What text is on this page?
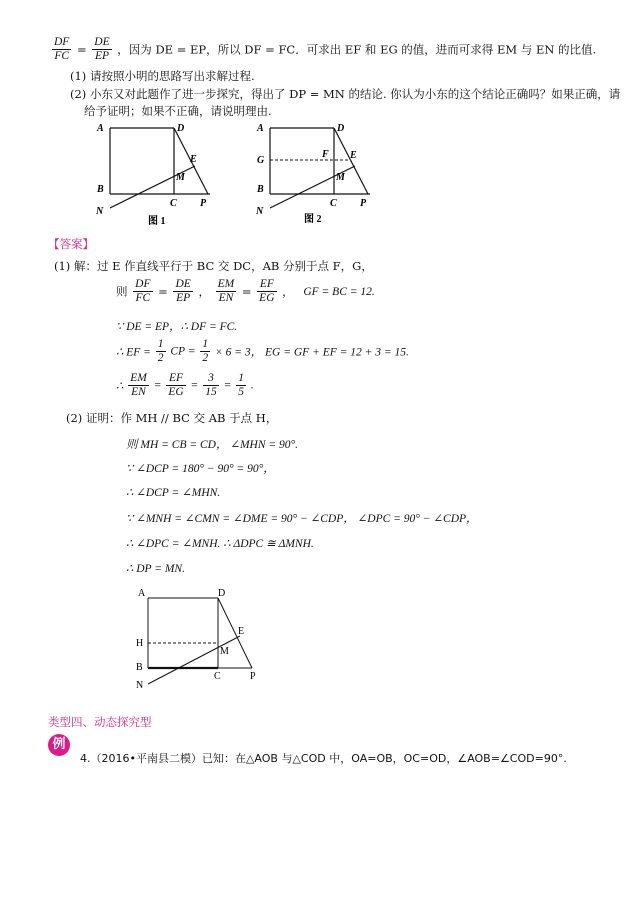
$\frac{DF}{FC} = \frac{DE}{EP}$ ，因为 DE = EP，所以 DF = FC．可求出 EF 和 EG 的值，进而可求得 EM 与 EN 的比值.
(1) 请按照小明的思路写出求解过程.
(2) 小东又对此题作了进一步探究，得出了 DP = MN 的结论. 你认为小东的这个结论正确吗？如果正确，请
给予证明；如果不正确，请说明理由.
A	D
E
M
B
C P
N
图 1
A	D
G
F E
M
B
C P
N
图 2
【答案】
(1) 解：过 E 作直线平行于 BC 交 DC，AB 分别于点 F，G，
则 $\frac{DF}{FC} = \frac{DE}{EP}$ ， $\frac{EM}{EN} = \frac{EF}{EG}$ ， GF = BC = 12.
∵ DE = EP，∴ DF = FC.
∴ EF = $\frac{1}{2}$ CP = $\frac{1}{2} \times 6 = 3$， EG = GF + EF = 12 + 3 = 15.
∴ $\frac{EM}{EN} = \frac{EF}{EG} = \frac{3}{15} = \frac{1}{5}$ .
(2) 证明：作 MH // BC 交 AB 于点 H，
则 MH = CB = CD， ∠MHN = 90°.
∵ ∠DCP = 180° − 90° = 90°，
∴ ∠DCP = ∠MHN.
∵ ∠MNH = ∠CMN = ∠DME = 90° − ∠CDP， ∠DPC = 90° − ∠CDP，
∴ ∠DPC = ∠MNH. ∴ ΔDPC ≅ ΔMNH.
∴ DP = MN.
A	D
E
H
M
B
C	P
N
类型四、动态探究型
例
4.（2016•平南县二模）已知：在△AOB 与△COD 中，OA=OB，OC=OD，∠AOB=∠COD=90°.
